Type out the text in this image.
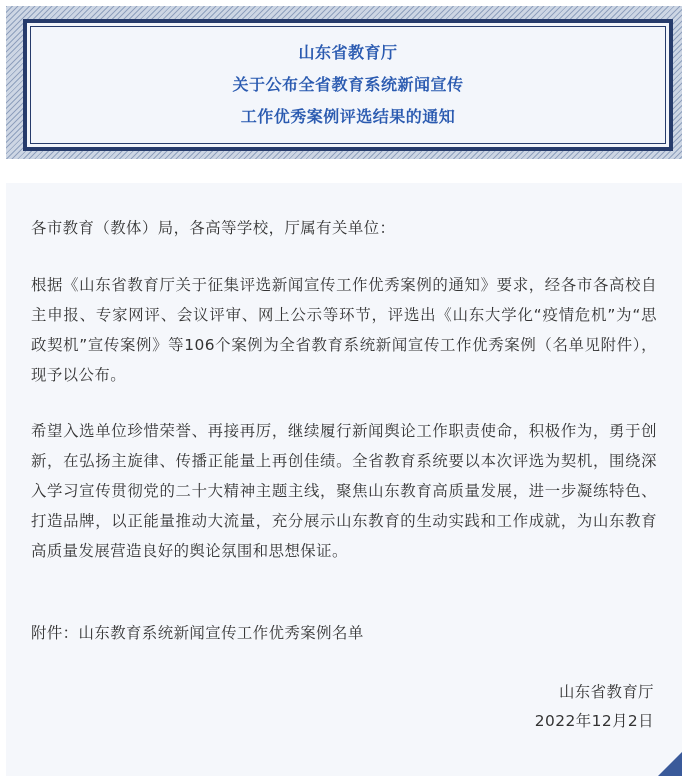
山东省教育厅
关于公布全省教育系统新闻宣传
工作优秀案例评选结果的通知

各市教育（教体）局，各高等学校，厅属有关单位：

根据《山东省教育厅关于征集评选新闻宣传工作优秀案例的通知》要求，经各市各高校自主申报、专家网评、会议评审、网上公示等环节，评选出《山东大学化“疫情危机”为“思政契机”宣传案例》等106个案例为全省教育系统新闻宣传工作优秀案例（名单见附件），现予以公布。

希望入选单位珍惜荣誉、再接再厉，继续履行新闻舆论工作职责使命，积极作为，勇于创新，在弘扬主旋律、传播正能量上再创佳绩。全省教育系统要以本次评选为契机，围绕深入学习宣传贯彻党的二十大精神主题主线，聚焦山东教育高质量发展，进一步凝练特色、打造品牌，以正能量推动大流量，充分展示山东教育的生动实践和工作成就，为山东教育高质量发展营造良好的舆论氛围和思想保证。

附件：山东教育系统新闻宣传工作优秀案例名单

山东省教育厅
2022年12月2日
